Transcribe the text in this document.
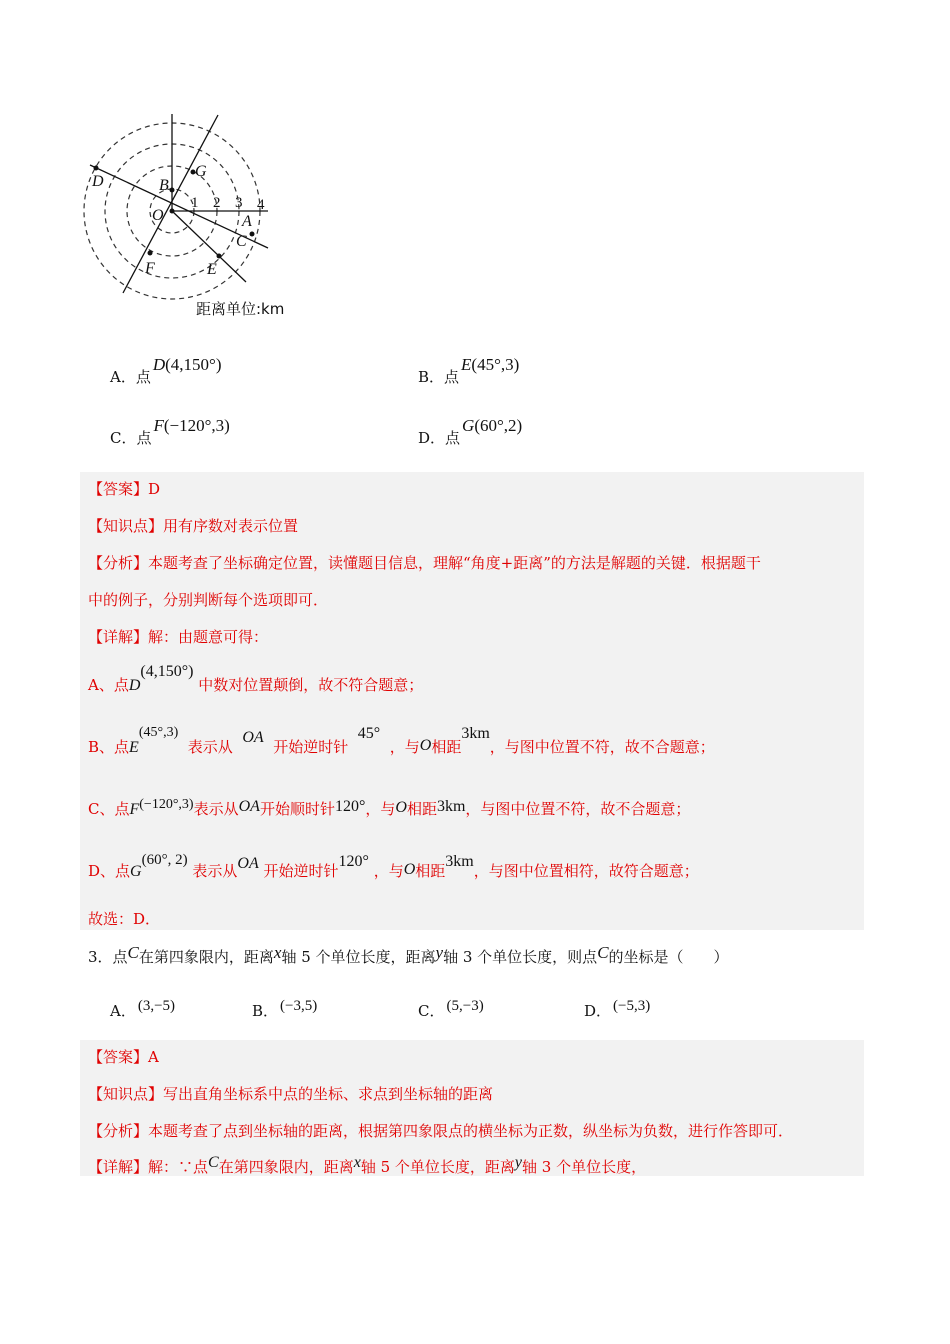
1 2 3 4
O
B
G
D
A
C
E
F
距离单位:km
A．点D(4,150°)
B．点E(45°,3)
C．点F(−120°,3)
D．点G(60°,2)
【答案】D
【知识点】用有序数对表示位置
【分析】本题考查了坐标确定位置，读懂题目信息，理解“角度+距离”的方法是解题的关键．根据题干
中的例子，分别判断每个选项即可．
【详解】解：由题意可得：
A、点D(4,150°) 中数对位置颠倒，故不符合题意；
B、点E(45°,3)  表示从  OA  开始逆时针  45°  ，与O相距3km，与图中位置不符，故不合题意；
C、点F(−120°,3)表示从OA开始顺时针120°，与O相距3km，与图中位置不符，故不合题意；
D、点G(60°, 2) 表示从OA 开始逆时针120° ，与O相距3km，与图中位置相符，故符合题意；
故选：D．
3．点C在第四象限内，距离x轴 5 个单位长度，距离y轴 3 个单位长度，则点C的坐标是（　　）
A． (3,−5)	B． (−3,5)	C． (5,−3)	D． (−5,3)
【答案】A
【知识点】写出直角坐标系中点的坐标、求点到坐标轴的距离
【分析】本题考查了点到坐标轴的距离，根据第四象限点的横坐标为正数，纵坐标为负数，进行作答即可．
【详解】解：∵点C在第四象限内，距离x轴 5 个单位长度，距离y轴 3 个单位长度，
